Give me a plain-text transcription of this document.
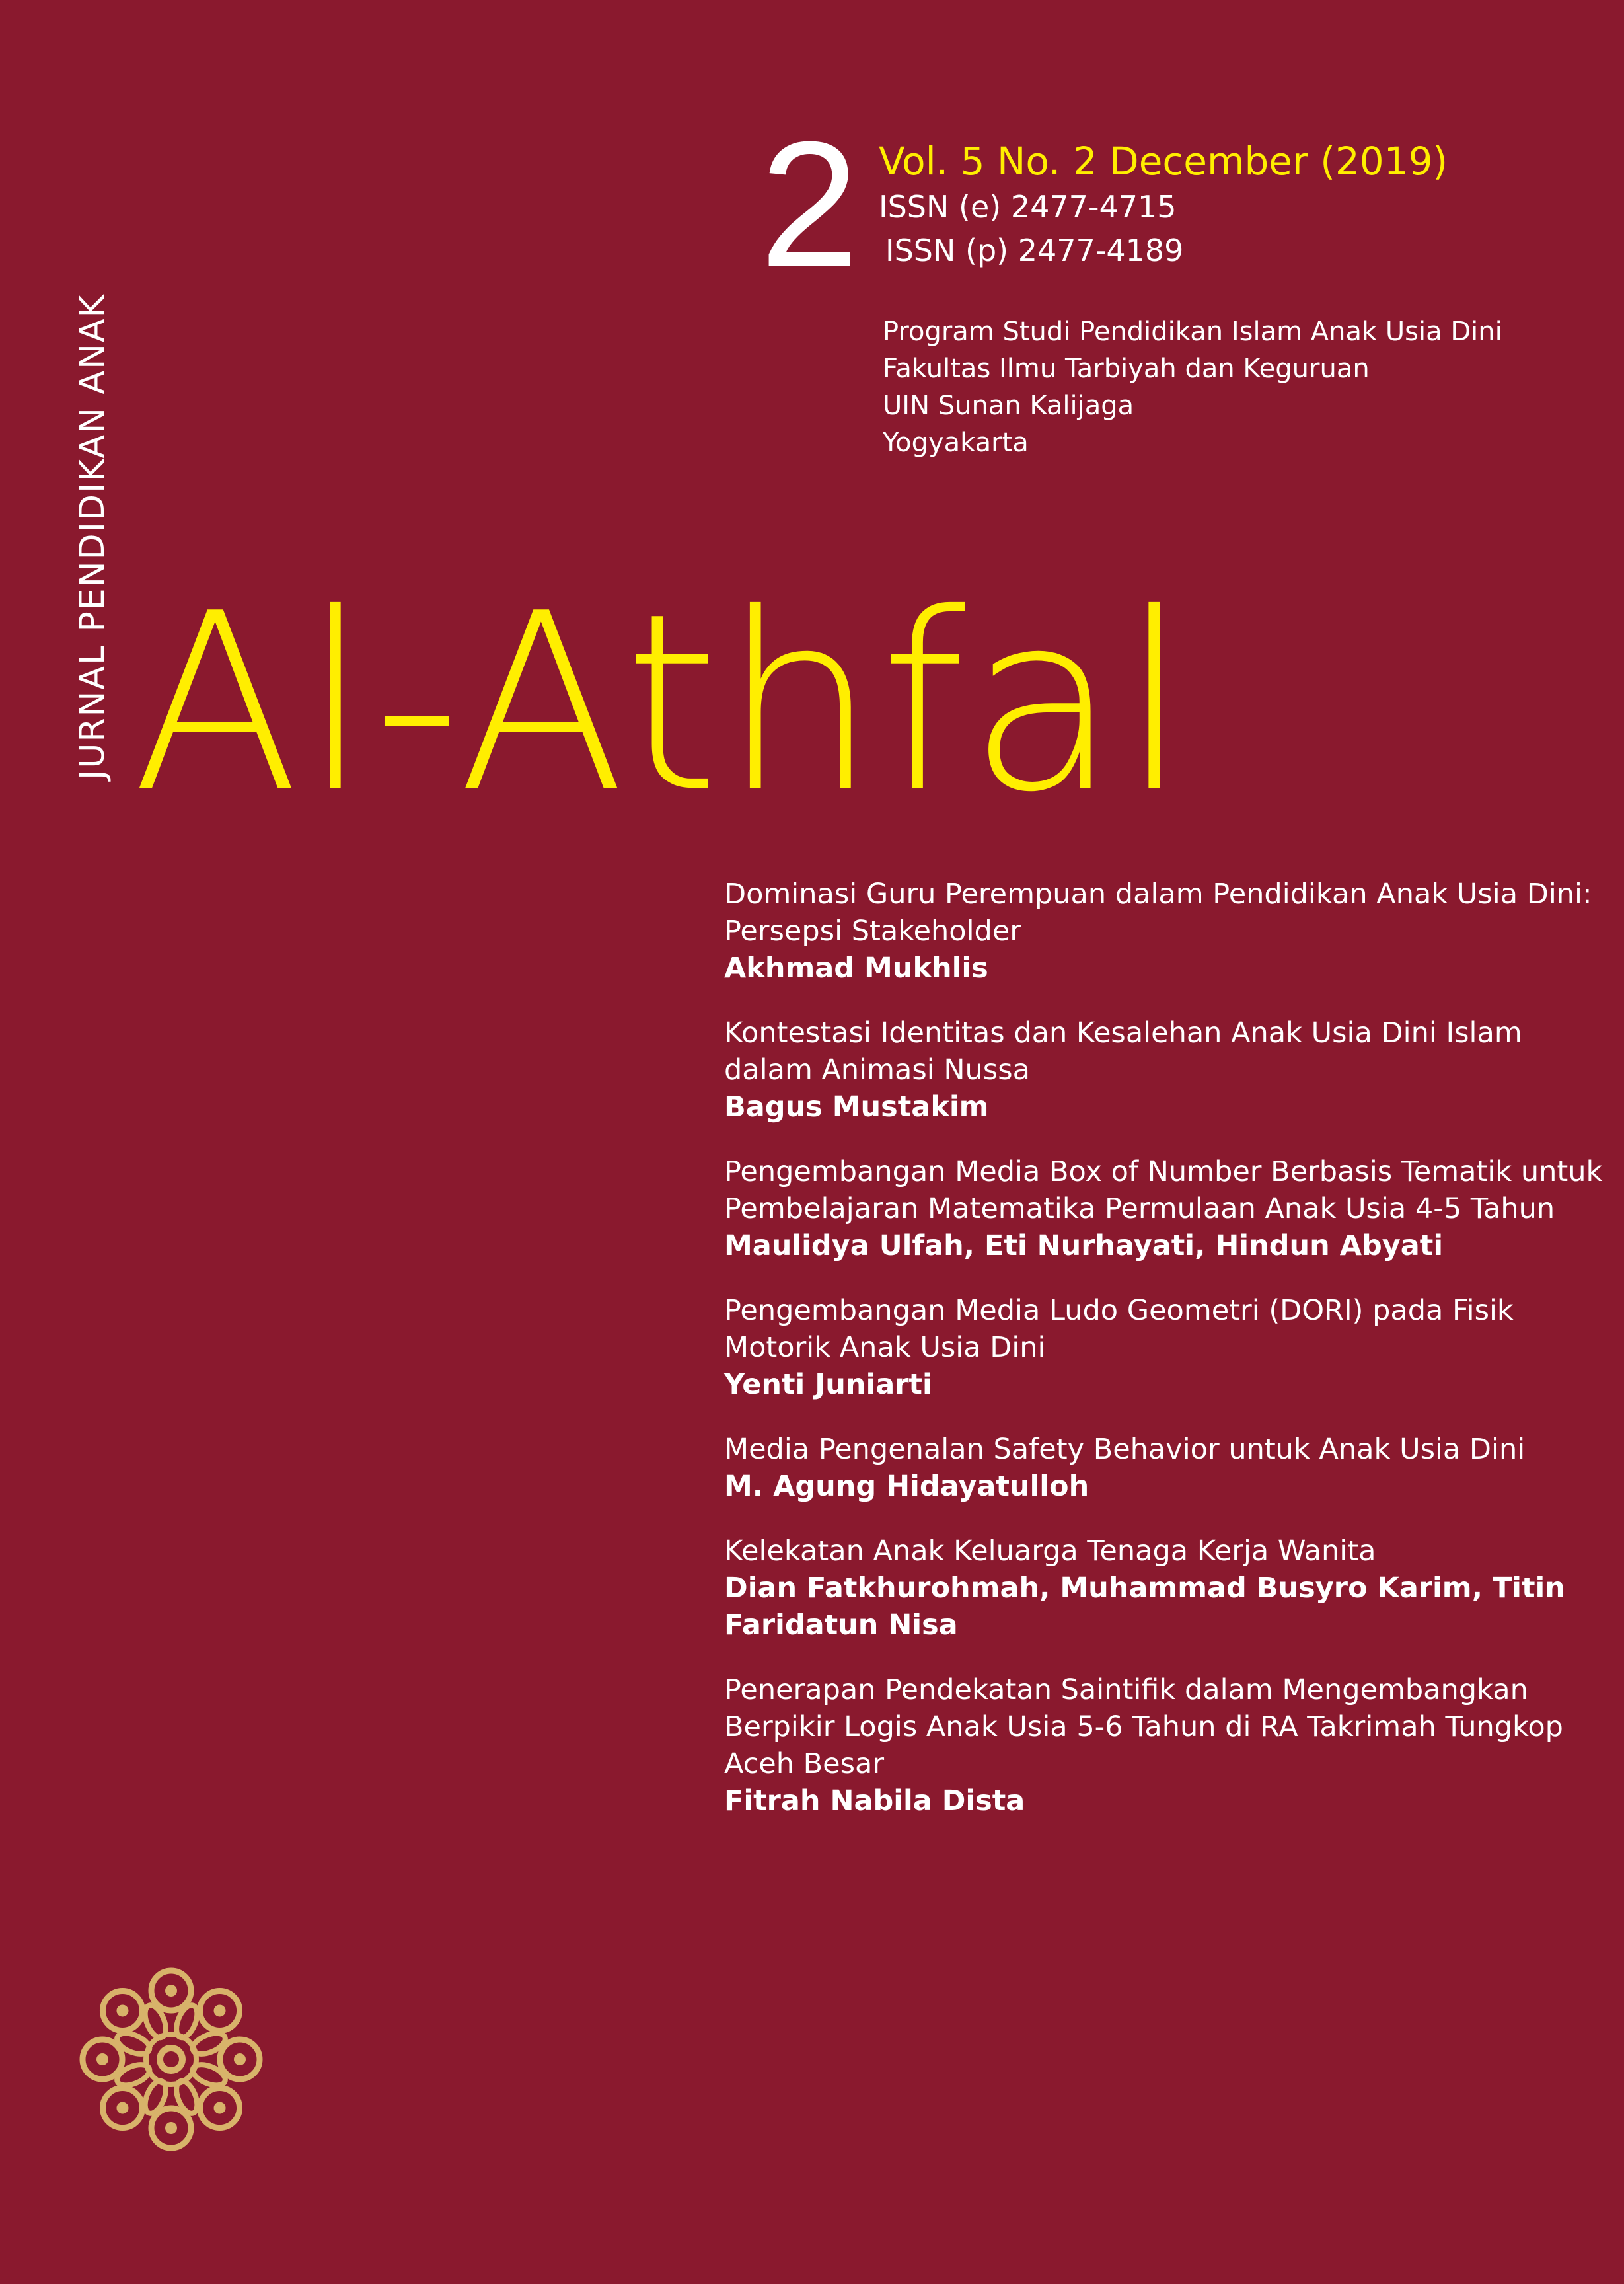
JURNAL PENDIDIKAN ANAK
2 Vol. 5 No. 2 December (2019)
ISSN (e) 2477-4715
ISSN (p) 2477-4189
Program Studi Pendidikan Islam Anak Usia Dini
Fakultas Ilmu Tarbiyah dan Keguruan
UIN Sunan Kalijaga
Yogyakarta
Al-Athfal
Dominasi Guru Perempuan dalam Pendidikan Anak Usia Dini: Persepsi Stakeholder
Akhmad Mukhlis
Kontestasi Identitas dan Kesalehan Anak Usia Dini Islam dalam Animasi Nussa
Bagus Mustakim
Pengembangan Media Box of Number Berbasis Tematik untuk Pembelajaran Matematika Permulaan Anak Usia 4-5 Tahun
Maulidya Ulfah, Eti Nurhayati, Hindun Abyati
Pengembangan Media Ludo Geometri (DORI) pada Fisik Motorik Anak Usia Dini
Yenti Juniarti
Media Pengenalan Safety Behavior untuk Anak Usia Dini
M. Agung Hidayatulloh
Kelekatan Anak Keluarga Tenaga Kerja Wanita
Dian Fatkhurohmah, Muhammad Busyro Karim, Titin Faridatun Nisa
Penerapan Pendekatan Saintifik dalam Mengembangkan Berpikir Logis Anak Usia 5-6 Tahun di RA Takrimah Tungkop Aceh Besar
Fitrah Nabila Dista
